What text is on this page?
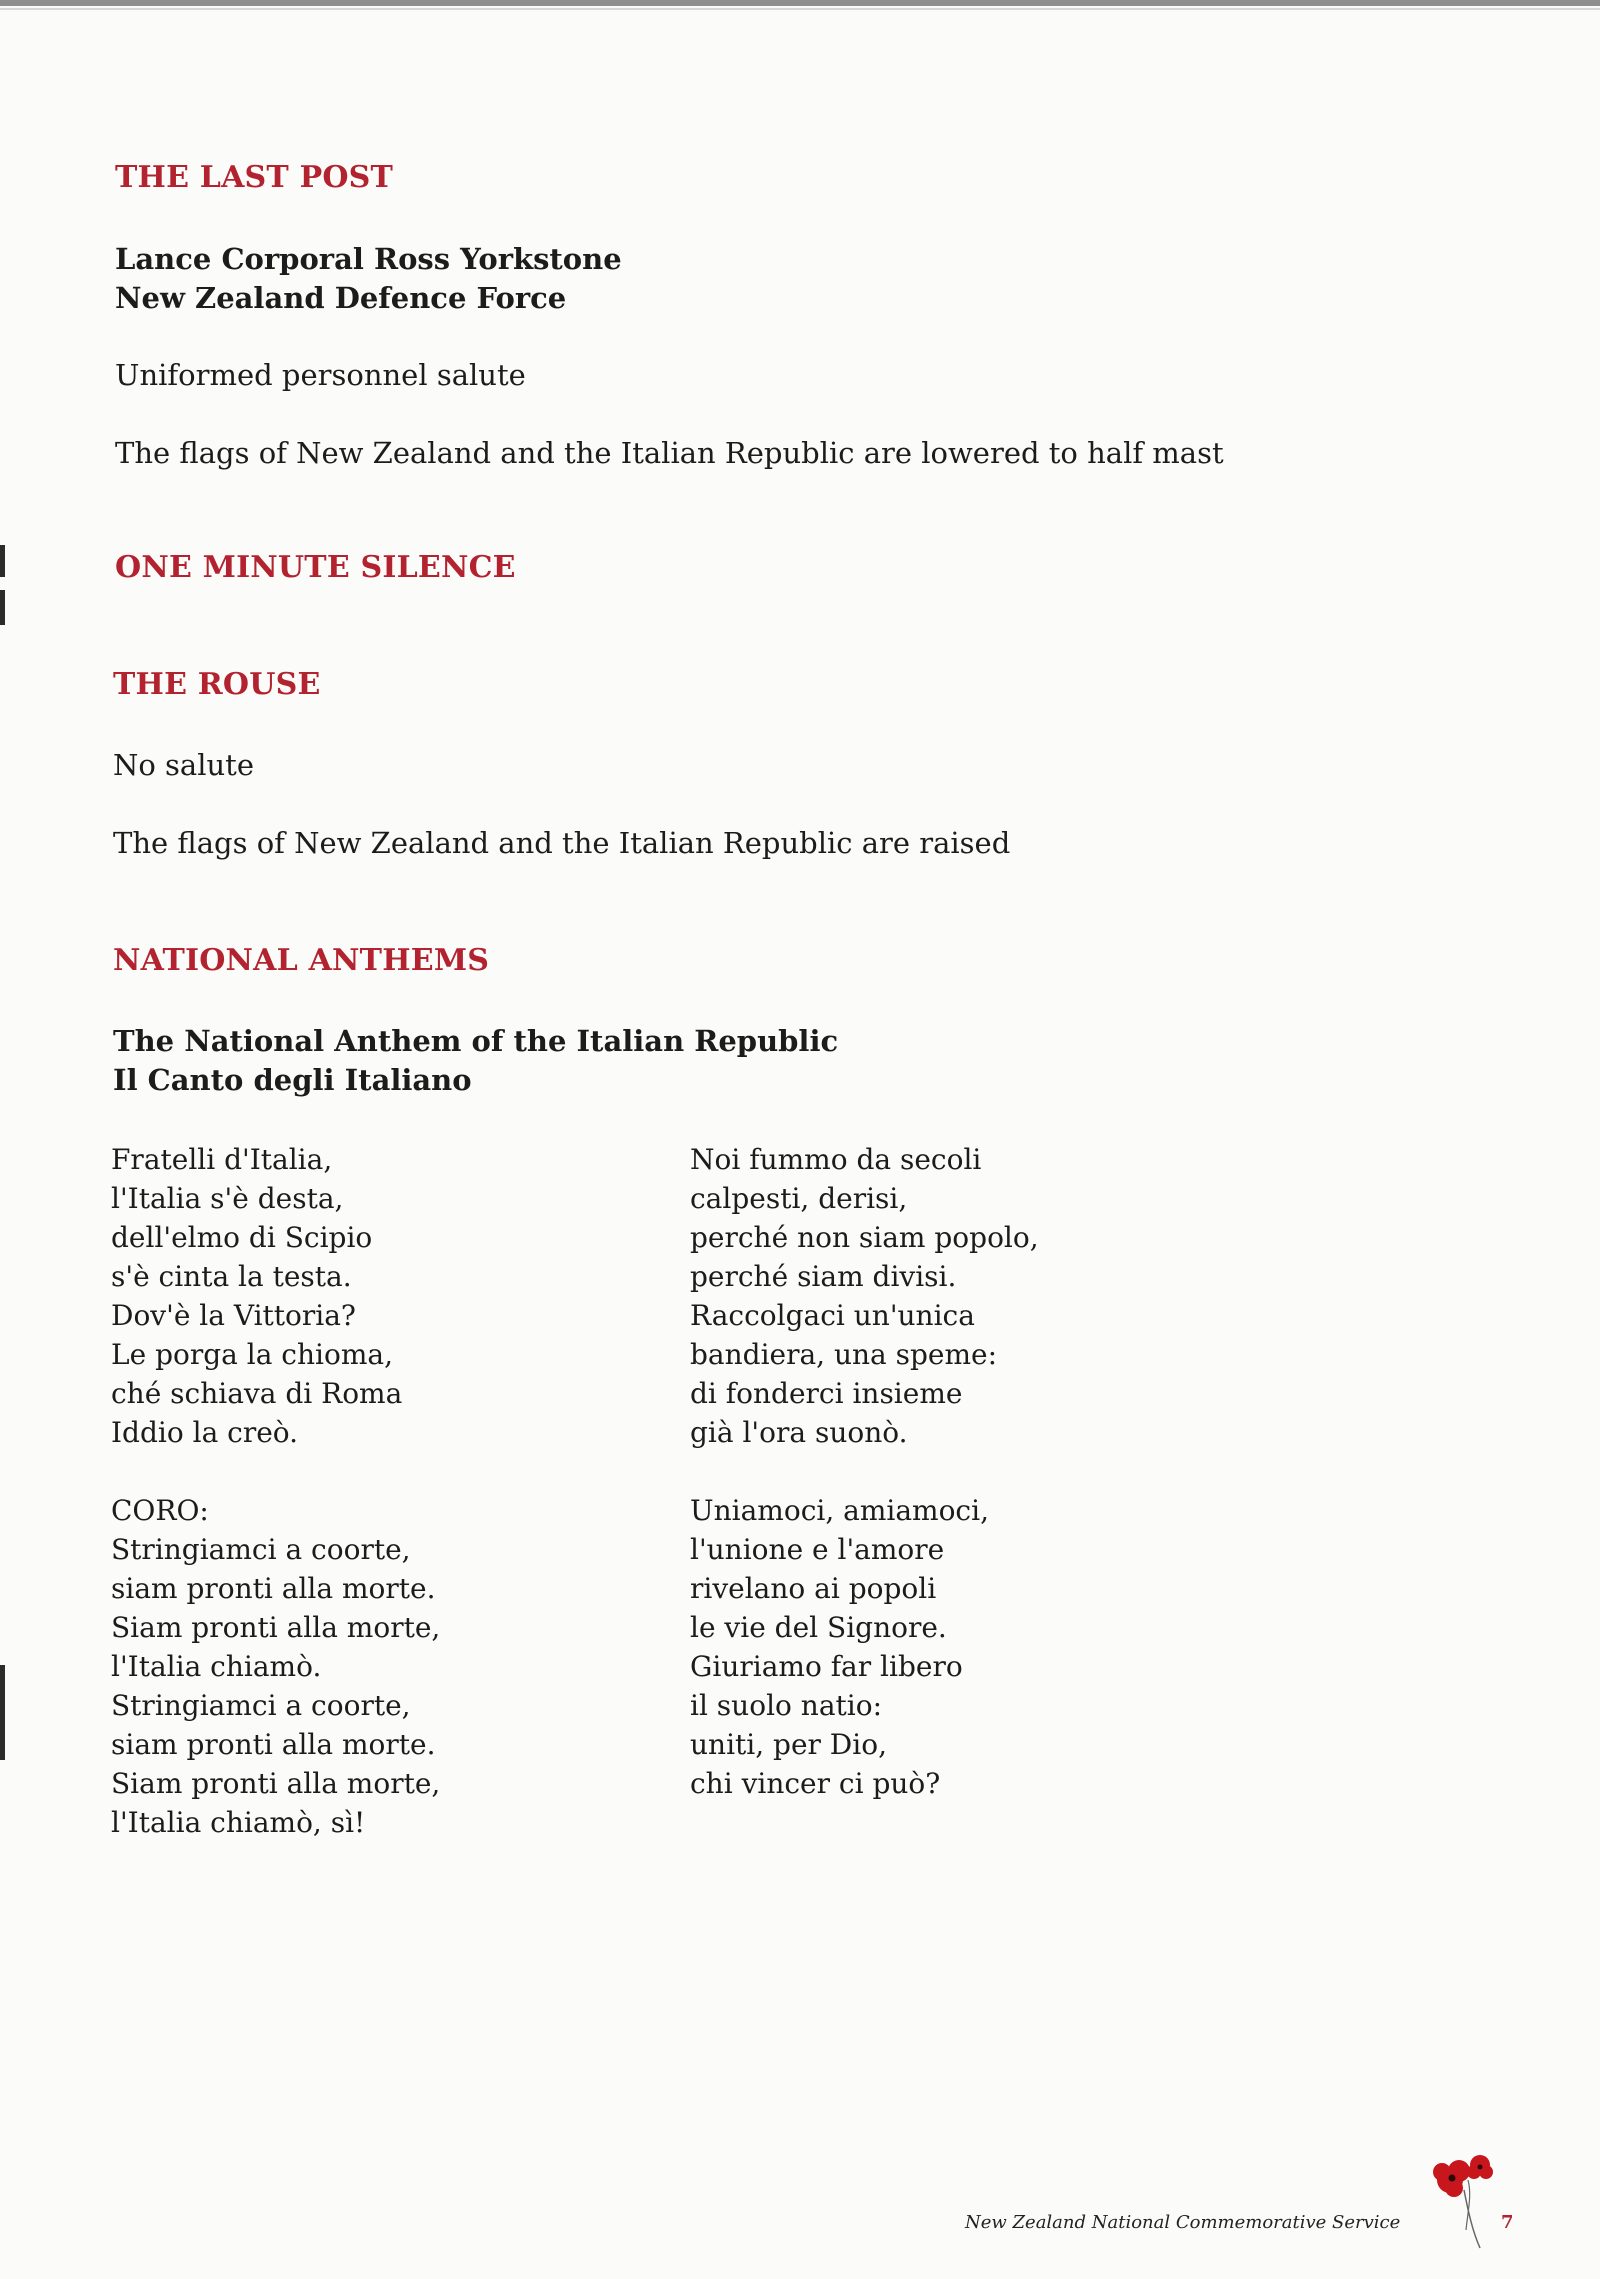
THE LAST POST
Lance Corporal Ross Yorkstone
New Zealand Defence Force
Uniformed personnel salute
The flags of New Zealand and the Italian Republic are lowered to half mast
ONE MINUTE SILENCE
THE ROUSE
No salute
The flags of New Zealand and the Italian Republic are raised
NATIONAL ANTHEMS
The National Anthem of the Italian Republic
Il Canto degli Italiano
Fratelli d'Italia,
l'Italia s'è desta,
dell'elmo di Scipio
s'è cinta la testa.
Dov'è la Vittoria?
Le porga la chioma,
ché schiava di Roma
Iddio la creò.
CORO:
Stringiamci a coorte,
siam pronti alla morte.
Siam pronti alla morte,
l'Italia chiamò.
Stringiamci a coorte,
siam pronti alla morte.
Siam pronti alla morte,
l'Italia chiamò, sì!
Noi fummo da secoli
calpesti, derisi,
perché non siam popolo,
perché siam divisi.
Raccolgaci un'unica
bandiera, una speme:
di fonderci insieme
già l'ora suonò.
Uniamoci, amiamoci,
l'unione e l'amore
rivelano ai popoli
le vie del Signore.
Giuriamo far libero
il suolo natio:
uniti, per Dio,
chi vincer ci può?
New Zealand National Commemorative Service	7
